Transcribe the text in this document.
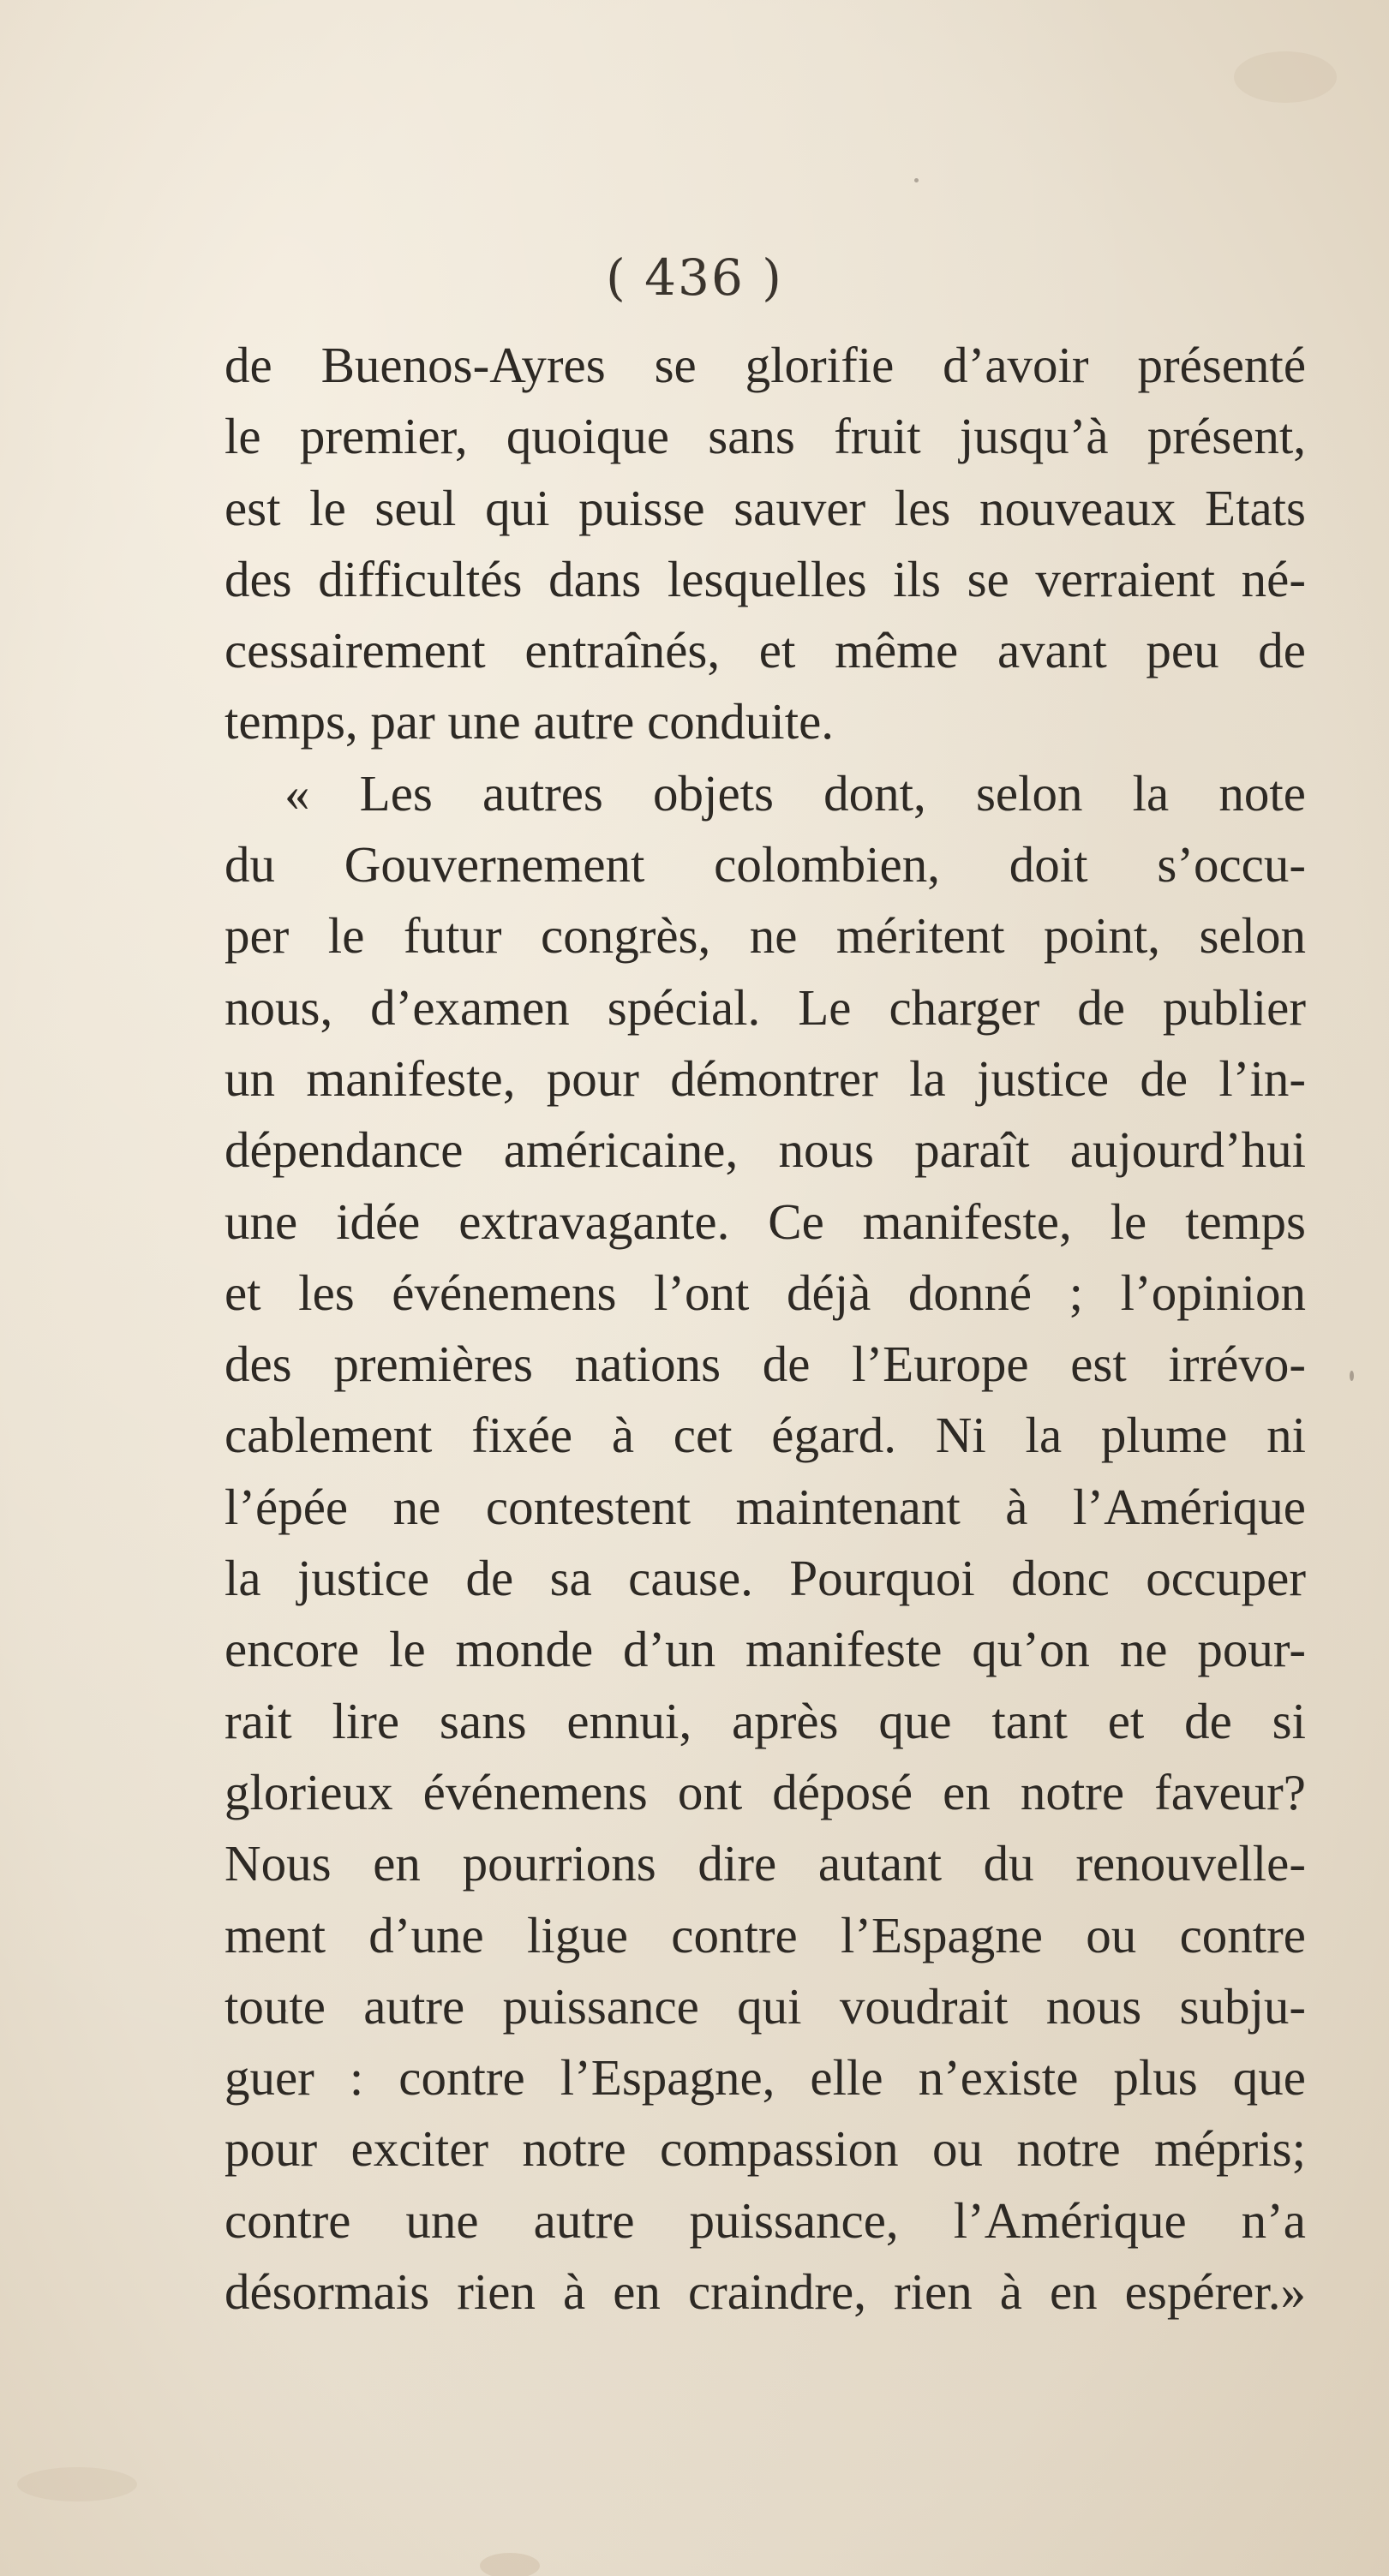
( 436 )
de Buenos-Ayres se glorifie d’avoir présenté
le premier, quoique sans fruit jusqu’à présent,
est le seul qui puisse sauver les nouveaux Etats
des difficultés dans lesquelles ils se verraient né-
cessairement entraînés, et même avant peu de
temps, par une autre conduite.
« Les autres objets dont, selon la note
du Gouvernement colombien, doit s’occu-
per le futur congrès, ne méritent point, selon
nous, d’examen spécial. Le charger de publier
un manifeste, pour démontrer la justice de l’in-
dépendance américaine, nous paraît aujourd’hui
une idée extravagante. Ce manifeste, le temps
et les événemens l’ont déjà donné ; l’opinion
des premières nations de l’Europe est irrévo-
cablement fixée à cet égard. Ni la plume ni
l’épée ne contestent maintenant à l’Amérique
la justice de sa cause. Pourquoi donc occuper
encore le monde d’un manifeste qu’on ne pour-
rait lire sans ennui, après que tant et de si
glorieux événemens ont déposé en notre faveur?
Nous en pourrions dire autant du renouvelle-
ment d’une ligue contre l’Espagne ou contre
toute autre puissance qui voudrait nous subju-
guer : contre l’Espagne, elle n’existe plus que
pour exciter notre compassion ou notre mépris;
contre une autre puissance, l’Amérique n’a
désormais rien à en craindre, rien à en espérer.»
